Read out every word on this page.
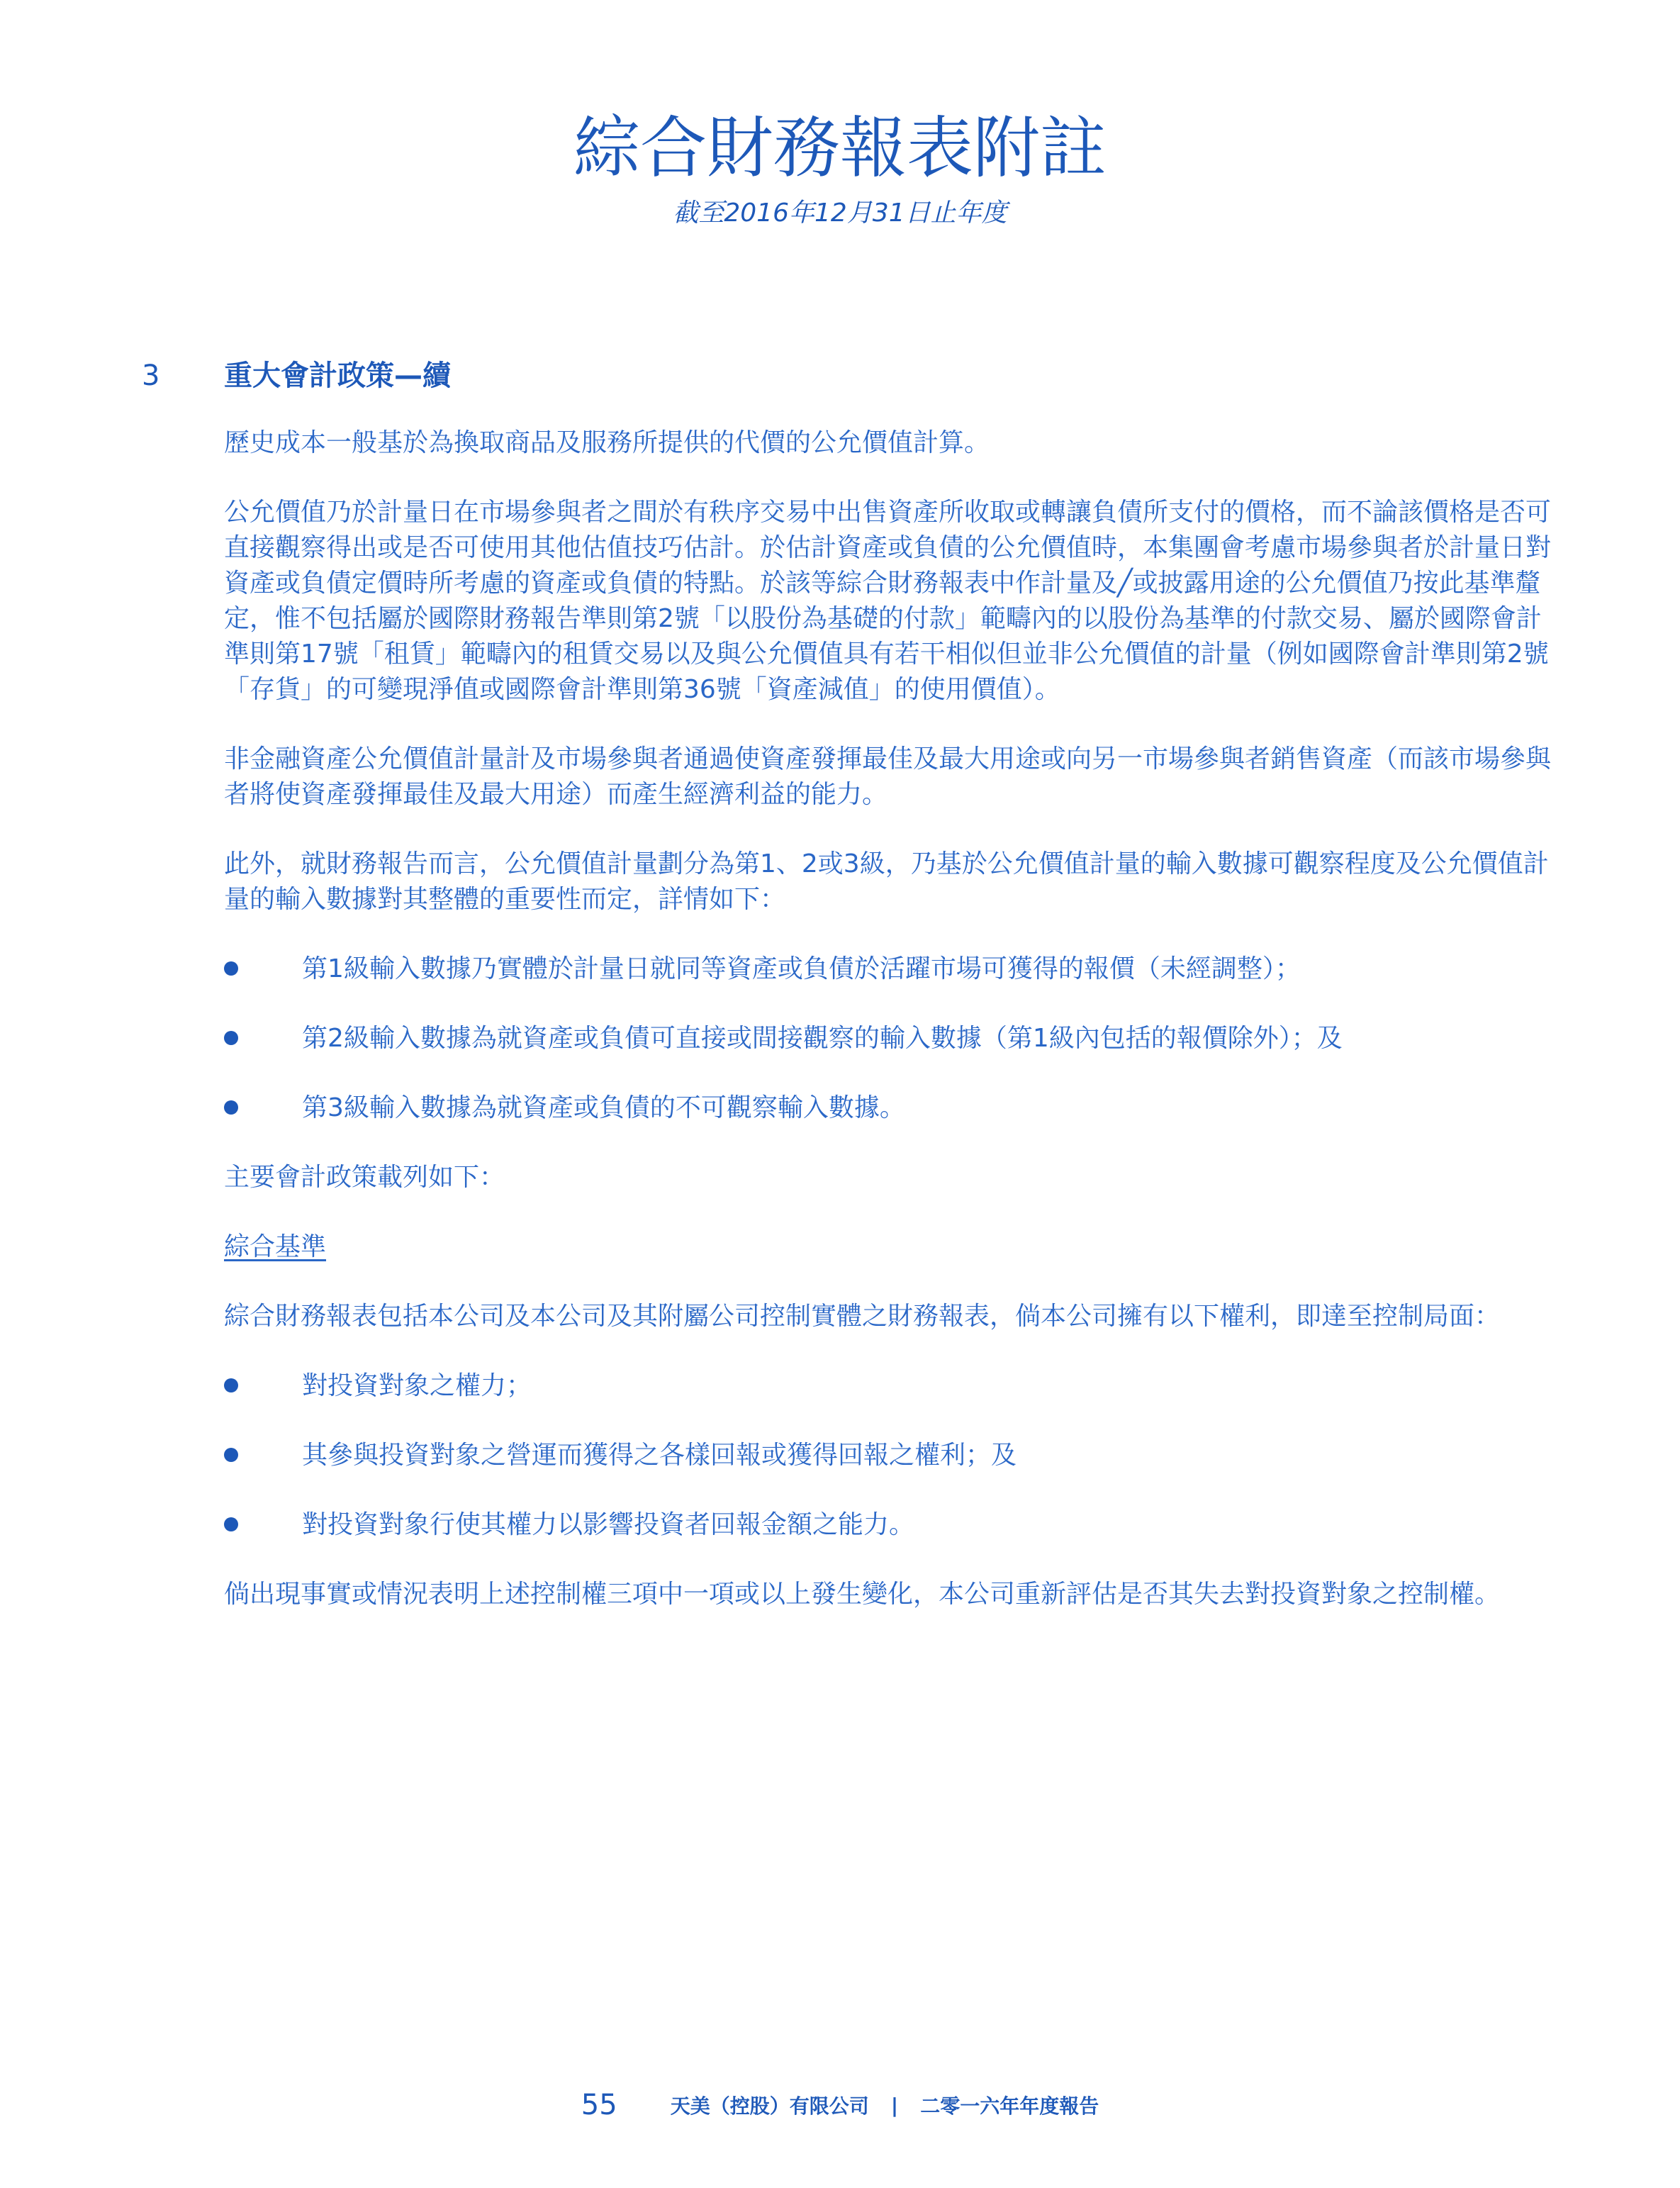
綜合財務報表附註
截至2016年12月31日止年度
3 重大會計政策—續

歷史成本一般基於為換取商品及服務所提供的代價的公允價值計算。

公允價值乃於計量日在市場參與者之間於有秩序交易中出售資產所收取或轉讓負債所支付的價格，而不論該價格是否可直接觀察得出或是否可使用其他估值技巧估計。於估計資產或負債的公允價值時，本集團會考慮市場參與者於計量日對資產或負債定價時所考慮的資產或負債的特點。於該等綜合財務報表中作計量及╱或披露用途的公允價值乃按此基準釐定，惟不包括屬於國際財務報告準則第2號「以股份為基礎的付款」範疇內的以股份為基準的付款交易、屬於國際會計準則第17號「租賃」範疇內的租賃交易以及與公允價值具有若干相似但並非公允價值的計量（例如國際會計準則第2號「存貨」的可變現淨值或國際會計準則第36號「資產減值」的使用價值）。

非金融資產公允價值計量計及市場參與者通過使資產發揮最佳及最大用途或向另一市場參與者銷售資產（而該市場參與者將使資產發揮最佳及最大用途）而產生經濟利益的能力。

此外，就財務報告而言，公允價值計量劃分為第1、2或3級，乃基於公允價值計量的輸入數據可觀察程度及公允價值計量的輸入數據對其整體的重要性而定，詳情如下：

第1級輸入數據乃實體於計量日就同等資產或負債於活躍市場可獲得的報價（未經調整）；
第2級輸入數據為就資產或負債可直接或間接觀察的輸入數據（第1級內包括的報價除外）；及
第3級輸入數據為就資產或負債的不可觀察輸入數據。

主要會計政策載列如下：

綜合基準

綜合財務報表包括本公司及本公司及其附屬公司控制實體之財務報表，倘本公司擁有以下權利，即達至控制局面：

對投資對象之權力；
其參與投資對象之營運而獲得之各樣回報或獲得回報之權利；及
對投資對象行使其權力以影響投資者回報金額之能力。

倘出現事實或情況表明上述控制權三項中一項或以上發生變化，本公司重新評估是否其失去對投資對象之控制權。

55	天美（控股）有限公司 | 二零一六年年度報告
